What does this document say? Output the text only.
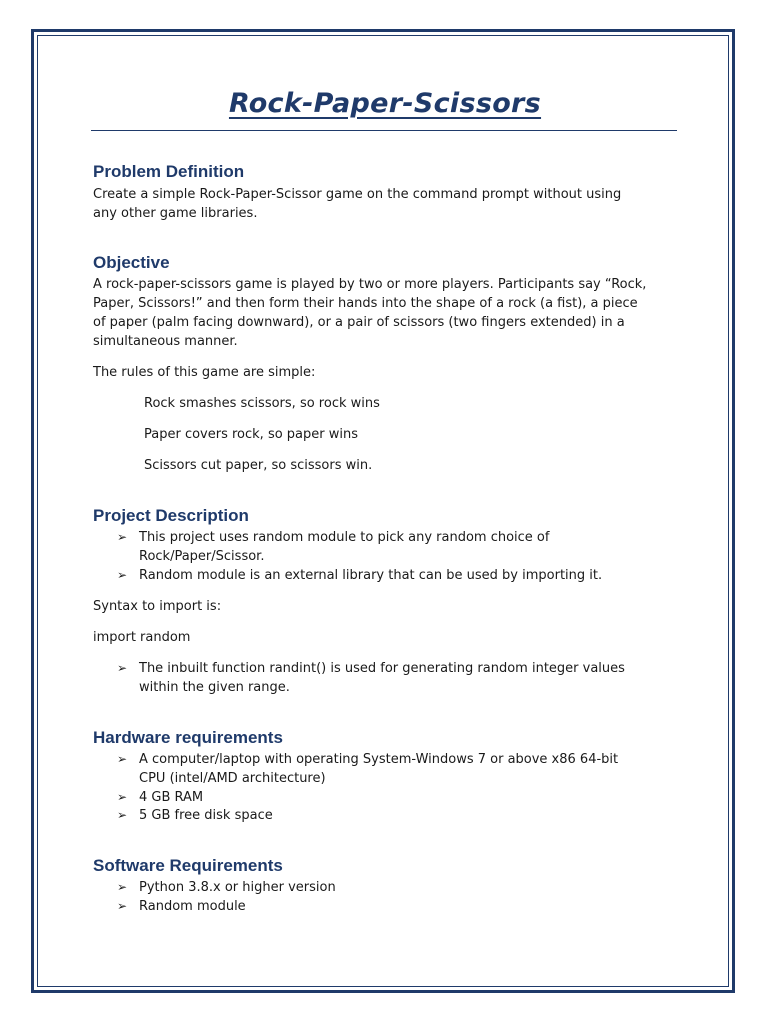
Rock-Paper-Scissors
Problem Definition
Create a simple Rock-Paper-Scissor game on the command prompt without using
any other game libraries.
Objective
A rock-paper-scissors game is played by two or more players. Participants say “Rock,
Paper, Scissors!” and then form their hands into the shape of a rock (a fist), a piece
of paper (palm facing downward), or a pair of scissors (two fingers extended) in a
simultaneous manner.
The rules of this game are simple:
Rock smashes scissors, so rock wins
Paper covers rock, so paper wins
Scissors cut paper, so scissors win.
Project Description
➢ This project uses random module to pick any random choice of
Rock/Paper/Scissor.
➢ Random module is an external library that can be used by importing it.
Syntax to import is:
import random
➢ The inbuilt function randint() is used for generating random integer values
within the given range.
Hardware requirements
➢ A computer/laptop with operating System-Windows 7 or above x86 64-bit
CPU (intel/AMD architecture)
➢ 4 GB RAM
➢ 5 GB free disk space
Software Requirements
➢ Python 3.8.x or higher version
➢ Random module
